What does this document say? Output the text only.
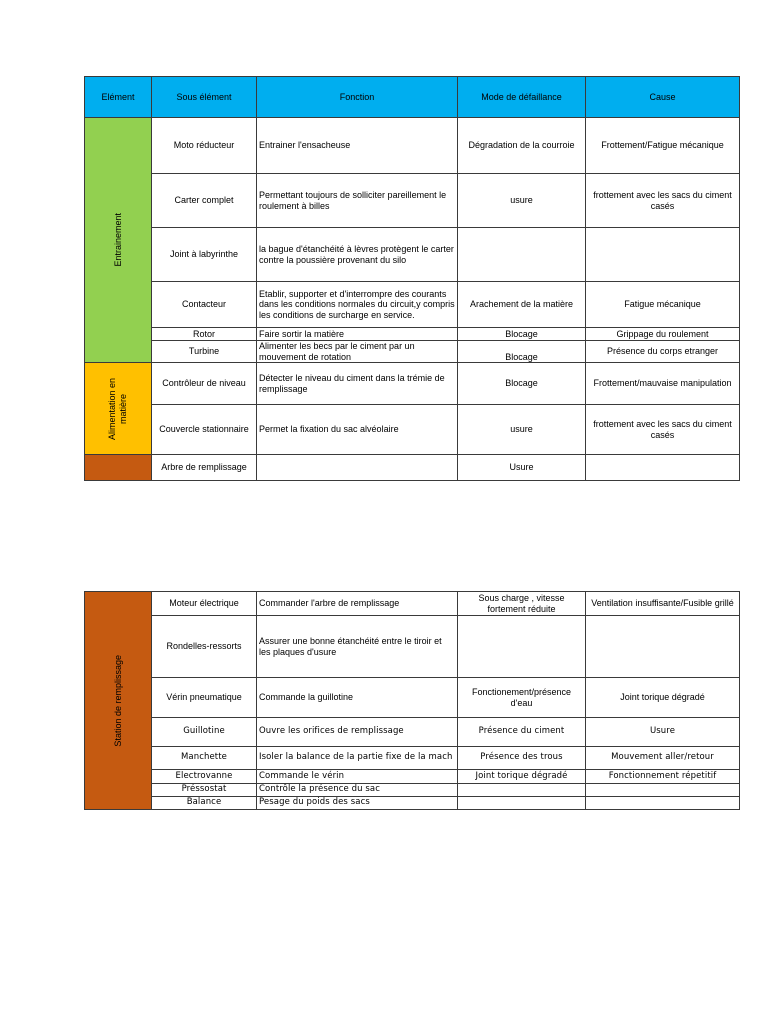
Elément	Sous élément	Fonction	Mode de défaillance	Cause

Entrainement	Moto réducteur	Entrainer l'ensacheuse	Dégradation de la courroie	Frottement/Fatigue mécanique
	Carter complet	Permettant toujours de solliciter pareillement le roulement à billes	usure	frottement avec les sacs du ciment casés
	Joint à labyrinthe	la bague d'étanchéité à lèvres protègent le carter contre la poussière provenant du silo		
	Contacteur	Etablir, supporter et d'interrompre des courants dans les conditions normales du circuit,y compris les conditions de surcharge en service.	Arachement de la matière	Fatigue mécanique
	Rotor	Faire sortir la matière	Blocage	Grippage du roulement
	Turbine	Alimenter les becs par le ciment par un mouvement de rotation	Blocage	Présence du corps etranger

Alimentation en matière	Contrôleur de niveau	Détecter le niveau du ciment dans la trémie de remplissage	Blocage	Frottement/mauvaise manipulation
	Couvercle stationnaire	Permet la fixation du sac alvéolaire	usure	frottement avec les sacs du ciment casés
	Arbre de remplissage		Usure	
Station de remplissage	Moteur électrique	Commander l'arbre de remplissage	Sous charge , vitesse fortement réduite	Ventilation insuffisante/Fusible grillé
	Rondelles-ressorts	Assurer une bonne étanchéité entre le tiroir et les plaques d'usure		
	Vérin pneumatique	Commande la guillotine	Fonctionement/présence d'eau	Joint torique dégradé
	Guillotine	Ouvre les orifices de remplissage	Présence du ciment	Usure
	Manchette	Isoler la balance de la partie fixe de la mach	Présence des trous	Mouvement aller/retour
	Electrovanne	Commande le vérin	Joint torique dégradé	Fonctionnement répetitif
	Préssostat	Contrôle la présence du sac		
	Balance	Pesage du poids des sacs		
